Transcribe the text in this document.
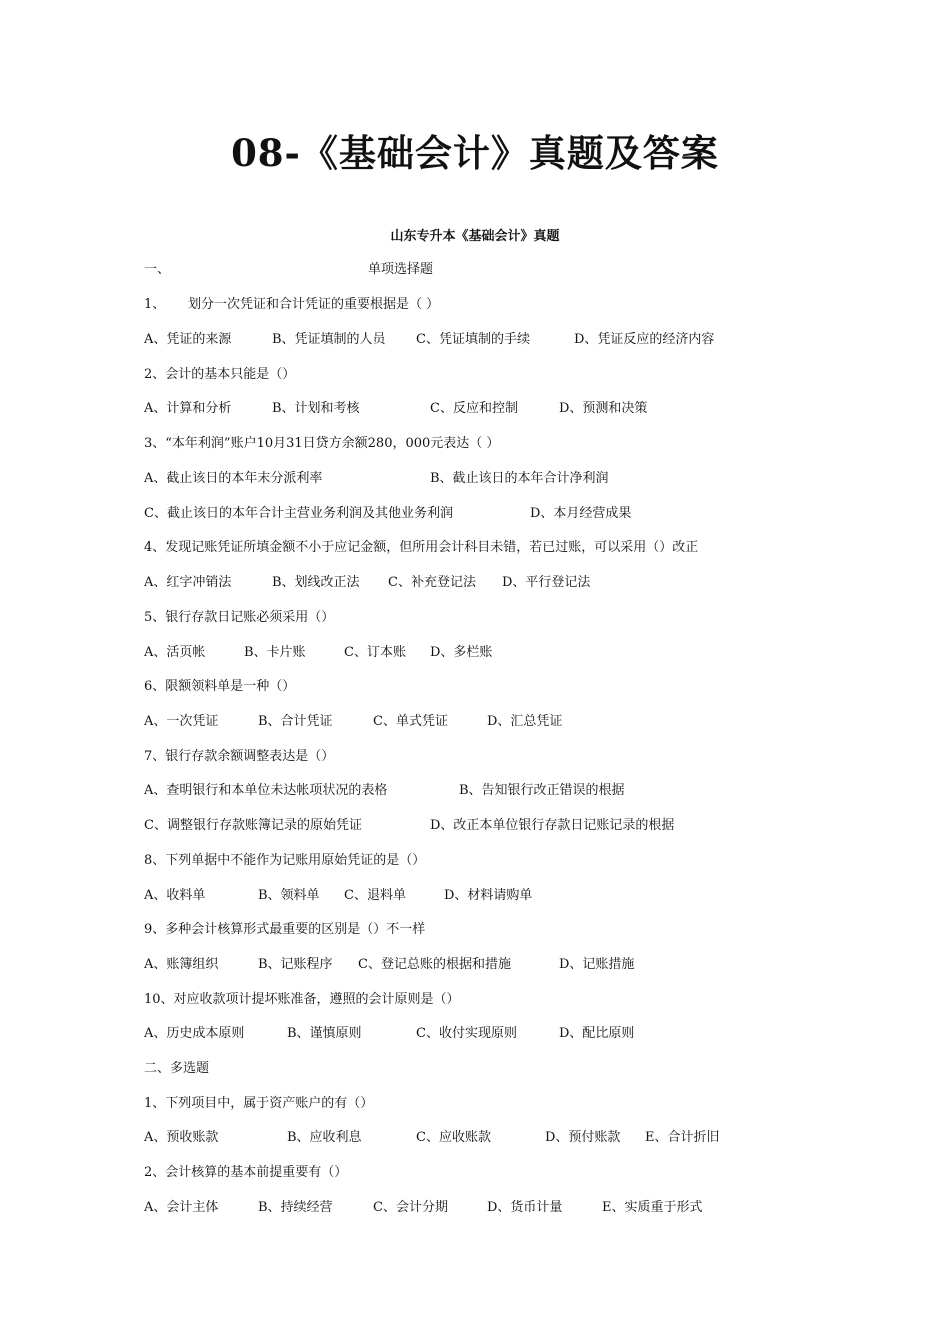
08-《基础会计》真题及答案
山东专升本《基础会计》真题

一、

	单项选择题

1、

划分一次凭证和合计凭证的重要根据是（ ）

A、凭证的来源

	B、凭证填制的人员

C、凭证填制的手续

	D、凭证反应的经济内容

2、会计的基本只能是（）

A、计算和分析

	B、计划和考核

	C、反应和控制

	D、预测和决策

3、“本年利润”账户10月31日贷方余额280，000元表达（ ）

A、截止该日的本年末分派利率

	B、截止该日的本年合计净利润

C、截止该日的本年合计主营业务利润及其他业务利润

	D、本月经营成果

4、发现记账凭证所填金额不小于应记金额，但所用会计科目未错，若已过账，可以采用（）改正

A、红字冲销法

	B、划线改正法

C、补充登记法

D、平行登记法

5、银行存款日记账必须采用（）

A、活页帐

	B、卡片账

	C、订本账

D、多栏账

6、限额领料单是一种（）

A、一次凭证

	B、合计凭证

	C、单式凭证

	D、汇总凭证

7、银行存款余额调整表达是（）

A、查明银行和本单位未达帐项状况的表格

	B、告知银行改正错误的根据

C、调整银行存款账簿记录的原始凭证

	D、改正本单位银行存款日记账记录的根据

8、下列单据中不能作为记账用原始凭证的是（）

A、收料单

	B、领料单

C、退料单

	D、材料请购单

9、多种会计核算形式最重要的区别是（）不一样

A、账簿组织

	B、记账程序

C、登记总账的根据和措施

	D、记账措施

10、对应收款项计提坏账准备，遵照的会计原则是（）

A、历史成本原则

	B、谨慎原则

	C、收付实现原则

	D、配比原则

二、多选题

1、下列项目中，属于资产账户的有（）

A、预收账款

	B、应收利息

	C、应收账款

	D、预付账款

E、合计折旧

2、会计核算的基本前提重要有（）

A、会计主体

	B、持续经营

	C、会计分期

	D、货币计量

	E、实质重于形式
